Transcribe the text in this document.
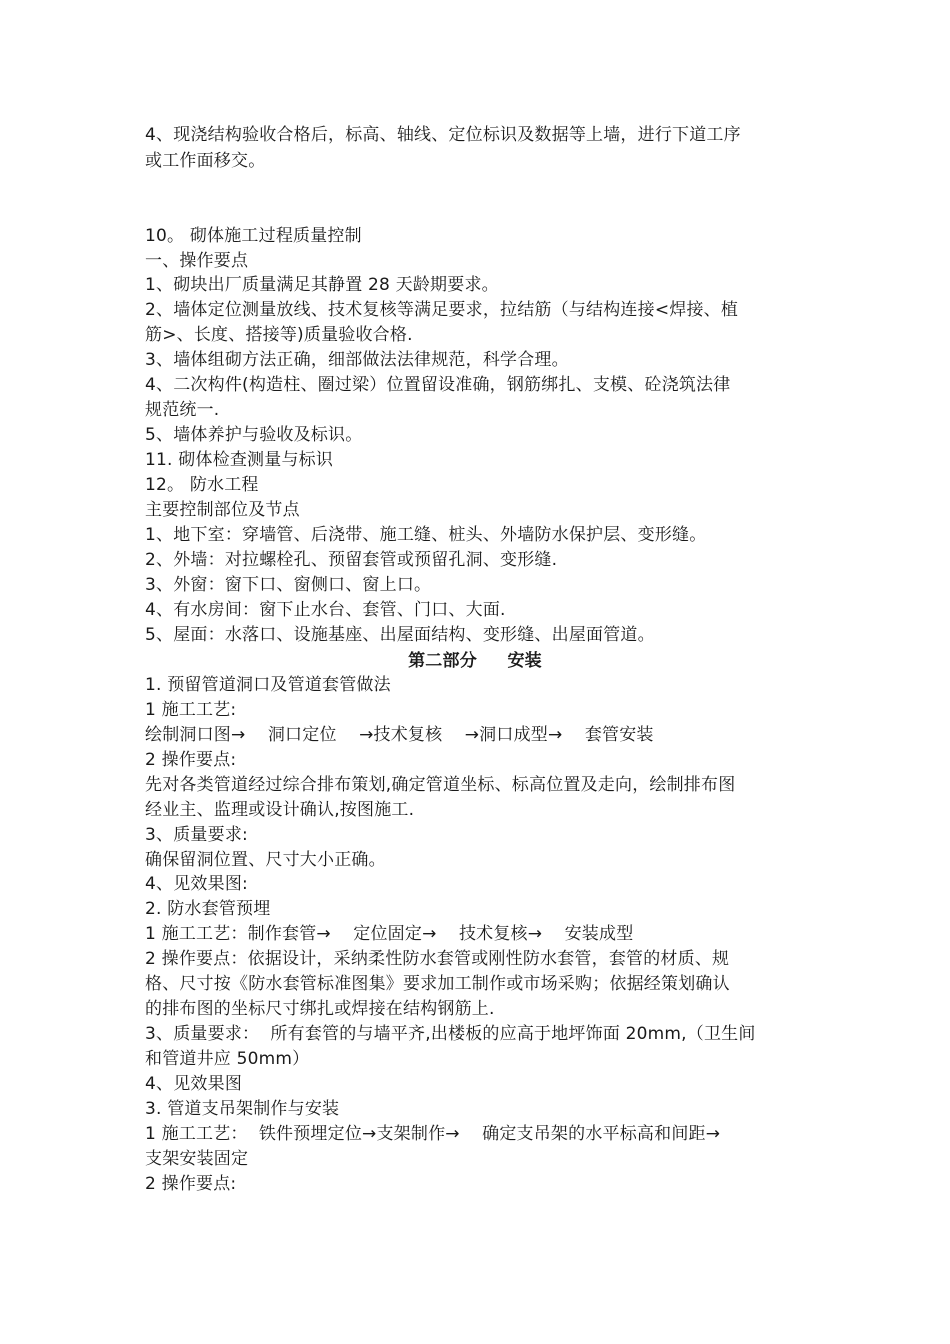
4、现浇结构验收合格后，标高、轴线、定位标识及数据等上墙，进行下道工序
或工作面移交。
10。 砌体施工过程质量控制
一、操作要点
1、砌块出厂质量满足其静置 28 天龄期要求。
2、墙体定位测量放线、技术复核等满足要求，拉结筋（与结构连接<焊接、植
筋>、长度、搭接等)质量验收合格.
3、墙体组砌方法正确，细部做法法律规范，科学合理。
4、二次构件(构造柱、圈过梁）位置留设准确，钢筋绑扎、支模、砼浇筑法律
规范统一.
5、墙体养护与验收及标识。
11. 砌体检查测量与标识
12。 防水工程
主要控制部位及节点
1、地下室：穿墙管、后浇带、施工缝、桩头、外墙防水保护层、变形缝。
2、外墙：对拉螺栓孔、预留套管或预留孔洞、变形缝.
3、外窗：窗下口、窗侧口、窗上口。
4、有水房间：窗下止水台、套管、门口、大面.
5、屋面：水落口、设施基座、出屋面结构、变形缝、出屋面管道。
第二部分     安装
1. 预留管道洞口及管道套管做法
1 施工工艺:
绘制洞口图→    洞口定位    →技术复核    →洞口成型→    套管安装
2 操作要点:
先对各类管道经过综合排布策划,确定管道坐标、标高位置及走向，绘制排布图
经业主、监理或设计确认,按图施工.
3、质量要求:
确保留洞位置、尺寸大小正确。
4、见效果图:
2. 防水套管预埋
1 施工工艺：制作套管→    定位固定→    技术复核→    安装成型
2 操作要点：依据设计，采纳柔性防水套管或刚性防水套管，套管的材质、规
格、尺寸按《防水套管标准图集》要求加工制作或市场采购；依据经策划确认
的排布图的坐标尺寸绑扎或焊接在结构钢筋上.
3、质量要求：  所有套管的与墙平齐,出楼板的应高于地坪饰面 20mm,（卫生间
和管道井应 50mm）
4、见效果图
3. 管道支吊架制作与安装
1 施工工艺：  铁件预埋定位→支架制作→    确定支吊架的水平标高和间距→
支架安装固定
2 操作要点:
